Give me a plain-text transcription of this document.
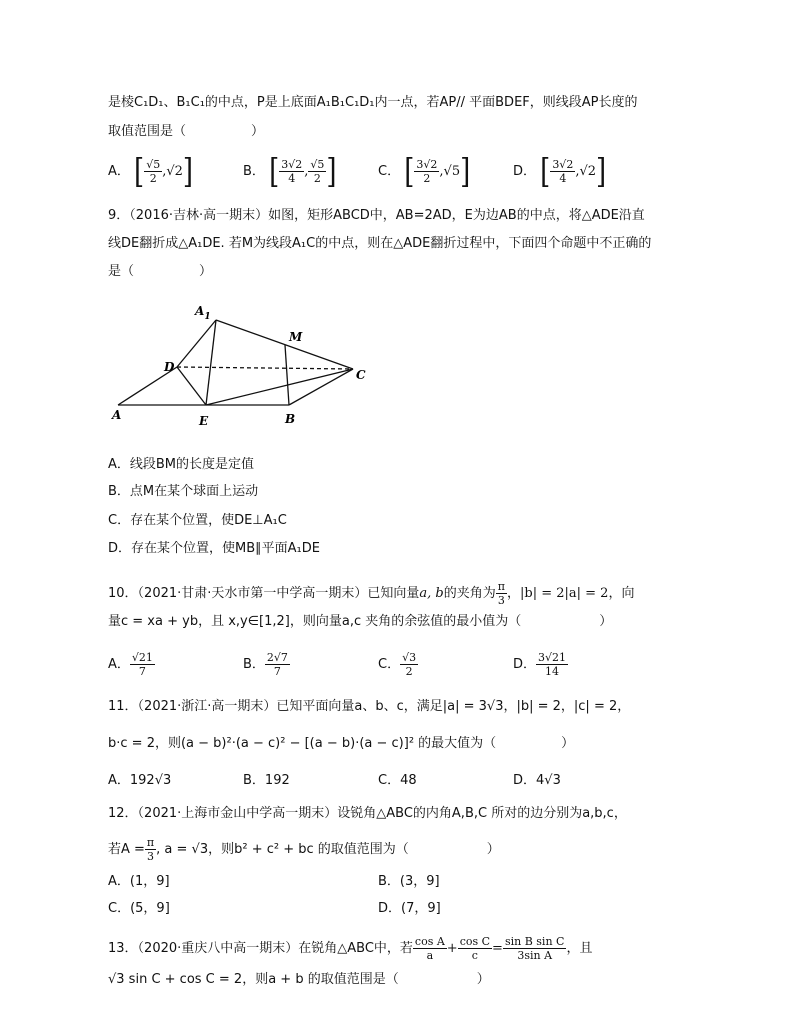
是棱C₁D₁、B₁C₁的中点，P是上底面A₁B₁C₁D₁内一点，若AP// 平面BDEF，则线段AP长度的
取值范围是（　　　　　）
A． [ $\frac{√5}{2} ,√2$]	B． [ $\frac{3√2}{4}$ , $\frac{√5}{2}$ ]	C． [ $\frac{3√2}{2} ,√5$]	D． [ $\frac{3√2}{4} ,√2$]
9．（2016·吉林·高一期末）如图，矩形ABCD中，AB=2AD，E为边AB的中点，将△ADE沿直
线DE翻折成△A₁DE. 若M为线段A₁C的中点，则在△ADE翻折过程中，下面四个命题中不正确的
是（　　　　　）
$A_1$
M
D
C
A	E	B
A．线段BM的长度是定值
B．点M在某个球面上运动
C．存在某个位置，使DE⊥A₁C
D．存在某个位置，使MB∥平面A₁DE
10．（2021·甘肃·天水市第一中学高一期末）已知向量a, b的夹角为 $\frac{\pi}{3}$ ，|b| = 2|a| = 2，向
量c = xa + yb，且 x,y∈[1,2]，则向量a,c 夹角的余弦值的最小值为（　　　　　　）
A． $\frac{√21}{7}$	B． $\frac{2√7}{7}$	C． $\frac{√3}{2}$	D． $\frac{3√21}{14}$
11．（2021·浙江·高一期末）已知平面向量a、b、c，满足|a| = 3√3，|b| = 2，|c| = 2，
b·c = 2，则(a − b)²·(a − c)² − [(a − b)·(a − c)]² 的最大值为（　　　　　）
A．192√3	B．192	C．48	D．4√3
12．（2021·上海市金山中学高一期末）设锐角△ABC的内角A,B,C 所对的边分别为a,b,c，
若$A = \frac{\pi}{3}$ , a = √3，则b² + c² + bc 的取值范围为（　　　　　　）
A．(1，9]	B．(3，9]
C．(5，9]	D．(7，9]
13．（2020·重庆八中高一期末）在锐角△ABC中，若 $\frac{\text{cos A}}{a} + \frac{\text{cos C}}{c} = \frac{\text{sin B sin C}}{\text{3sin A}}$ ，且
√3 sin C + cos C = 2，则a + b 的取值范围是（　　　　　　）
